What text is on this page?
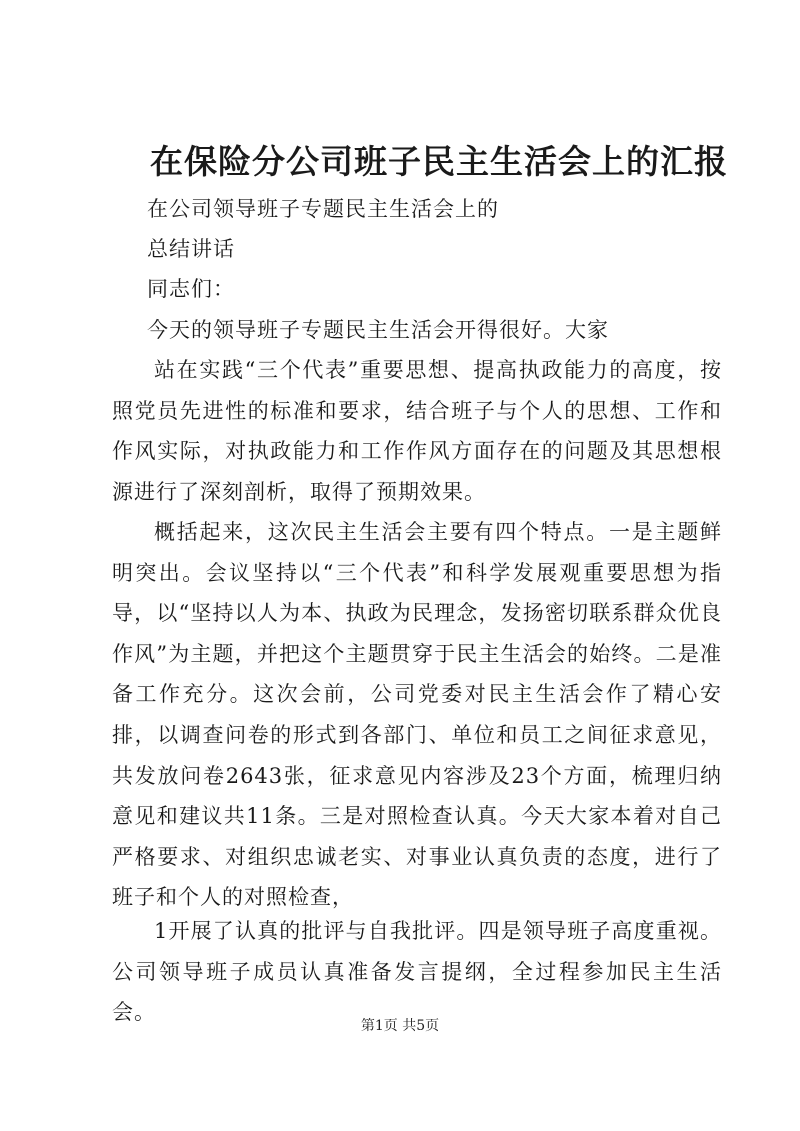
在保险分公司班子民主生活会上的汇报
在公司领导班子专题民主生活会上的
总结讲话
同志们：
今天的领导班子专题民主生活会开得很好。大家
站在实践“三个代表”重要思想、提高执政能力的高度，按照党员先进性的标准和要求，结合班子与个人的思想、工作和作风实际，对执政能力和工作作风方面存在的问题及其思想根源进行了深刻剖析，取得了预期效果。
概括起来，这次民主生活会主要有四个特点。一是主题鲜明突出。会议坚持以“三个代表”和科学发展观重要思想为指导，以“坚持以人为本、执政为民理念，发扬密切联系群众优良作风”为主题，并把这个主题贯穿于民主生活会的始终。二是准备工作充分。这次会前，公司党委对民主生活会作了精心安排，以调查问卷的形式到各部门、单位和员工之间征求意见，共发放问卷2643张，征求意见内容涉及23个方面，梳理归纳意见和建议共11条。三是对照检查认真。今天大家本着对自己严格要求、对组织忠诚老实、对事业认真负责的态度，进行了班子和个人的对照检查，
1开展了认真的批评与自我批评。四是领导班子高度重视。公司领导班子成员认真准备发言提纲，全过程参加民主生活会。
第1页 共5页
